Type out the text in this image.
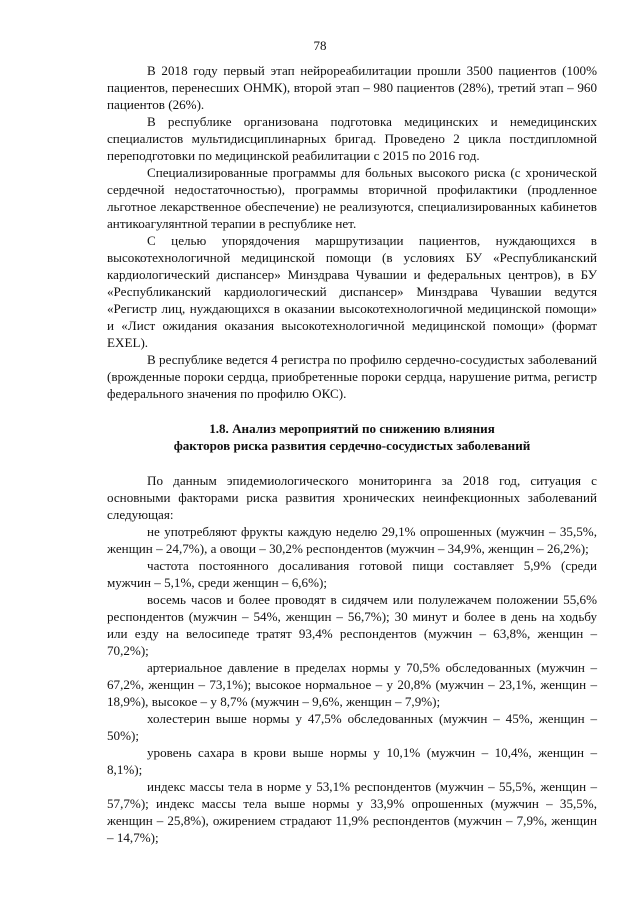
78

В 2018 году первый этап нейрореабилитации прошли 3500 пациентов (100% пациентов, перенесших ОНМК), второй этап – 980 пациентов (28%), третий этап – 960 пациентов (26%).

В республике организована подготовка медицинских и немедицинских специалистов мультидисциплинарных бригад. Проведено 2 цикла постдипломной переподготовки по медицинской реабилитации с 2015 по 2016 год.

Специализированные программы для больных высокого риска (с хронической сердечной недостаточностью), программы вторичной профилактики (продленное льготное лекарственное обеспечение) не реализуются, специализированных кабинетов антикоагулянтной терапии в республике нет.

С целью упорядочения маршрутизации пациентов, нуждающихся в высокотехнологичной медицинской помощи (в условиях БУ «Республиканский кардиологический диспансер» Минздрава Чувашии и федеральных центров), в БУ «Республиканский кардиологический диспансер» Минздрава Чувашии ведутся «Регистр лиц, нуждающихся в оказании высокотехнологичной медицинской помощи» и «Лист ожидания оказания высокотехнологичной медицинской помощи» (формат EXEL).

В республике ведется 4 регистра по профилю сердечно-сосудистых заболеваний (врожденные пороки сердца, приобретенные пороки сердца, нарушение ритма, регистр федерального значения по профилю ОКС).

1.8. Анализ мероприятий по снижению влияния
факторов риска развития сердечно-сосудистых заболеваний

По данным эпидемиологического мониторинга за 2018 год, ситуация с основными факторами риска развития хронических неинфекционных заболеваний следующая:

не употребляют фрукты каждую неделю 29,1% опрошенных (мужчин – 35,5%, женщин – 24,7%), а овощи – 30,2% респондентов (мужчин – 34,9%, женщин – 26,2%);

частота постоянного досаливания готовой пищи составляет 5,9% (среди мужчин – 5,1%, среди женщин – 6,6%);

восемь часов и более проводят в сидячем или полулежачем положении 55,6% респондентов (мужчин – 54%, женщин – 56,7%); 30 минут и более в день на ходьбу или езду на велосипеде тратят 93,4% респондентов (мужчин – 63,8%, женщин – 70,2%);

артериальное давление в пределах нормы у 70,5% обследованных (мужчин – 67,2%, женщин – 73,1%); высокое нормальное – у 20,8% (мужчин – 23,1%, женщин – 18,9%), высокое – у 8,7% (мужчин – 9,6%, женщин – 7,9%);

холестерин выше нормы у 47,5% обследованных (мужчин – 45%, женщин – 50%);

уровень сахара в крови выше нормы у 10,1% (мужчин – 10,4%, женщин – 8,1%);

индекс массы тела в норме у 53,1% респондентов (мужчин – 55,5%, женщин – 57,7%); индекс массы тела выше нормы у 33,9% опрошенных (мужчин – 35,5%, женщин – 25,8%), ожирением страдают 11,9% респондентов (мужчин – 7,9%, женщин – 14,7%);
